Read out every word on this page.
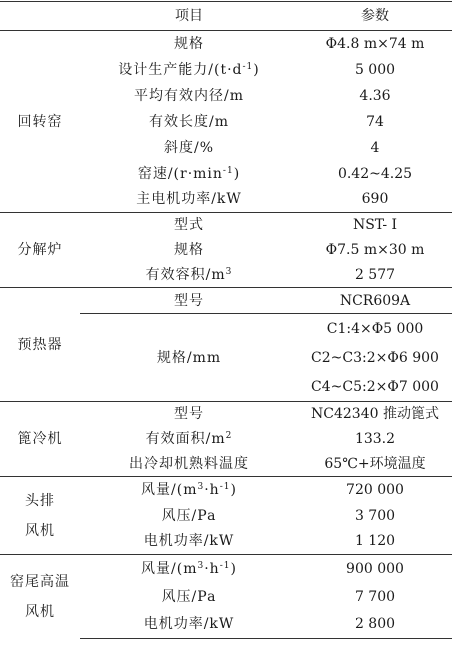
项目		参数
回转窑	规格	Φ4.8 m×74 m
	设计生产能力$/(t\cdot d^{-1})$	5 000
	平均有效内径/m	4.36
	有效长度/m	74
	斜度/%	4
	窑速$/(r\cdot\min^{-1})$	0.42~4.25
	主电机功率/kW	690
分解炉	型式	NST- Ⅰ
	规格	Φ7.5 m×30 m
	有效容积$/m^3$	2 577
预热器	型号	NCR609A
	规格/mm	C1:4×Φ5 000
		C2~C3:2×Φ6 900
		C4~C5:2×Φ7 000
篦冷机	型号	NC42340 推动篦式
	有效面积$/m^2$	133.2
	出冷却机熟料温度	65℃+环境温度
头排
风机	风量$/(m^3\cdot h^{-1})$	720 000
	风压/Pa	3 700
	电机功率/kW	1 120
窑尾高温
风机	风量$/(m^3\cdot h^{-1})$	900 000
	风压/Pa	7 700
	电机功率/kW	2 800
